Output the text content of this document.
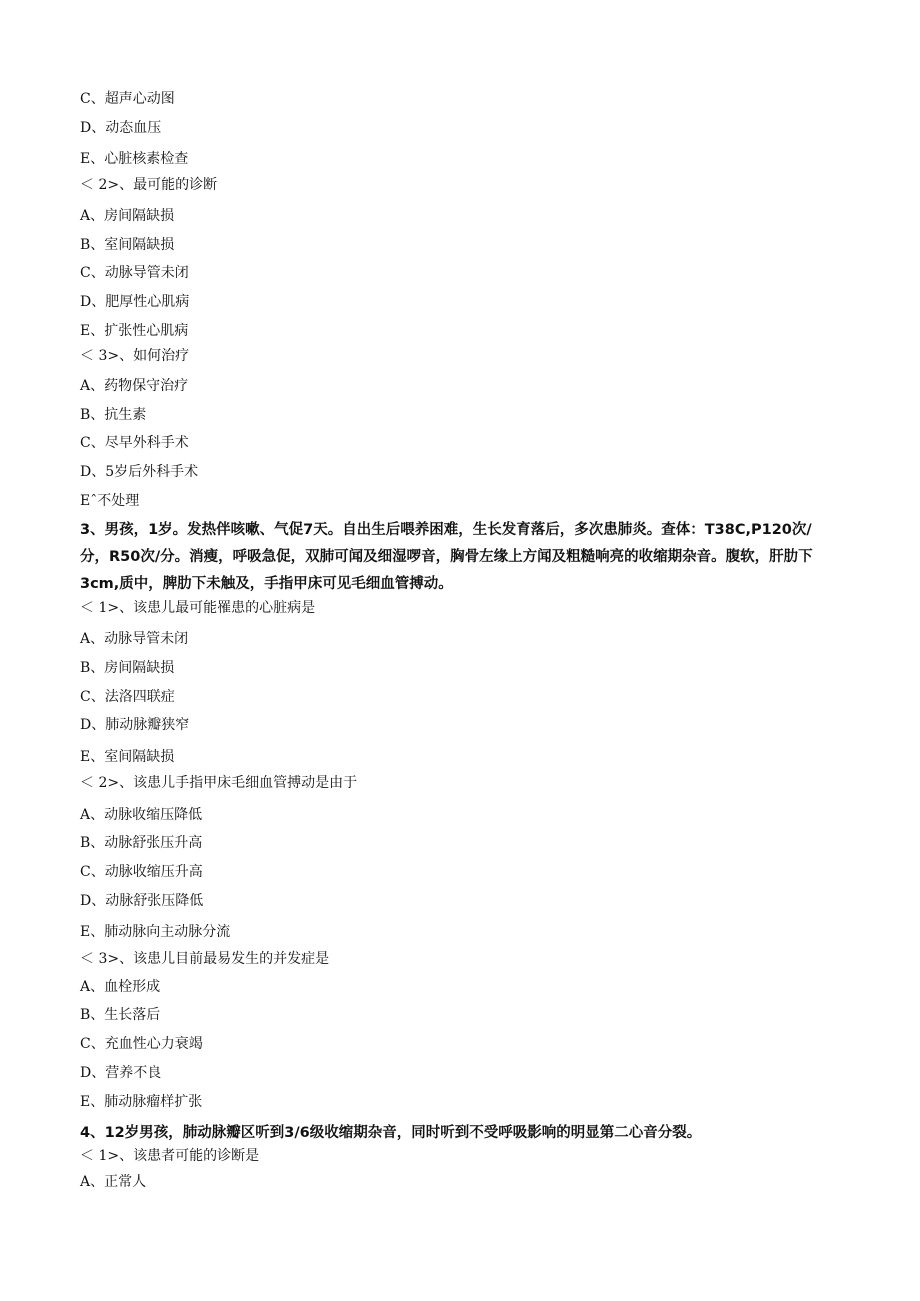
C、超声心动图
D、动态血压
E、心脏核素检查
＜ 2>、最可能的诊断
A、房间隔缺损
B、室间隔缺损
C、动脉导管未闭
D、肥厚性心肌病
E、扩张性心肌病
＜ 3>、如何治疗
A、药物保守治疗
B、抗生素
C、尽早外科手术
D、5岁后外科手术
Eˆ不处理
3、男孩，1岁。发热伴咳嗽、气促7天。自出生后喂养困难，生长发育落后，多次患肺炎。查体：T38C,P120次/分，R50次/分。消瘦，呼吸急促，双肺可闻及细湿啰音，胸骨左缘上方闻及粗糙响亮的收缩期杂音。腹软，肝肋下3cm,质中，脾肋下未触及，手指甲床可见毛细血管搏动。
＜ 1>、该患儿最可能罹患的心脏病是
A、动脉导管未闭
B、房间隔缺损
C、法洛四联症
D、肺动脉瓣狭窄
E、室间隔缺损
＜ 2>、该患儿手指甲床毛细血管搏动是由于
A、动脉收缩压降低
B、动脉舒张压升高
C、动脉收缩压升高
D、动脉舒张压降低
E、肺动脉向主动脉分流
＜ 3>、该患儿目前最易发生的并发症是
A、血栓形成
B、生长落后
C、充血性心力衰竭
D、营养不良
E、肺动脉瘤样扩张
4、12岁男孩，肺动脉瓣区听到3/6级收缩期杂音，同时听到不受呼吸影响的明显第二心音分裂。
＜ 1>、该患者可能的诊断是
A、正常人
